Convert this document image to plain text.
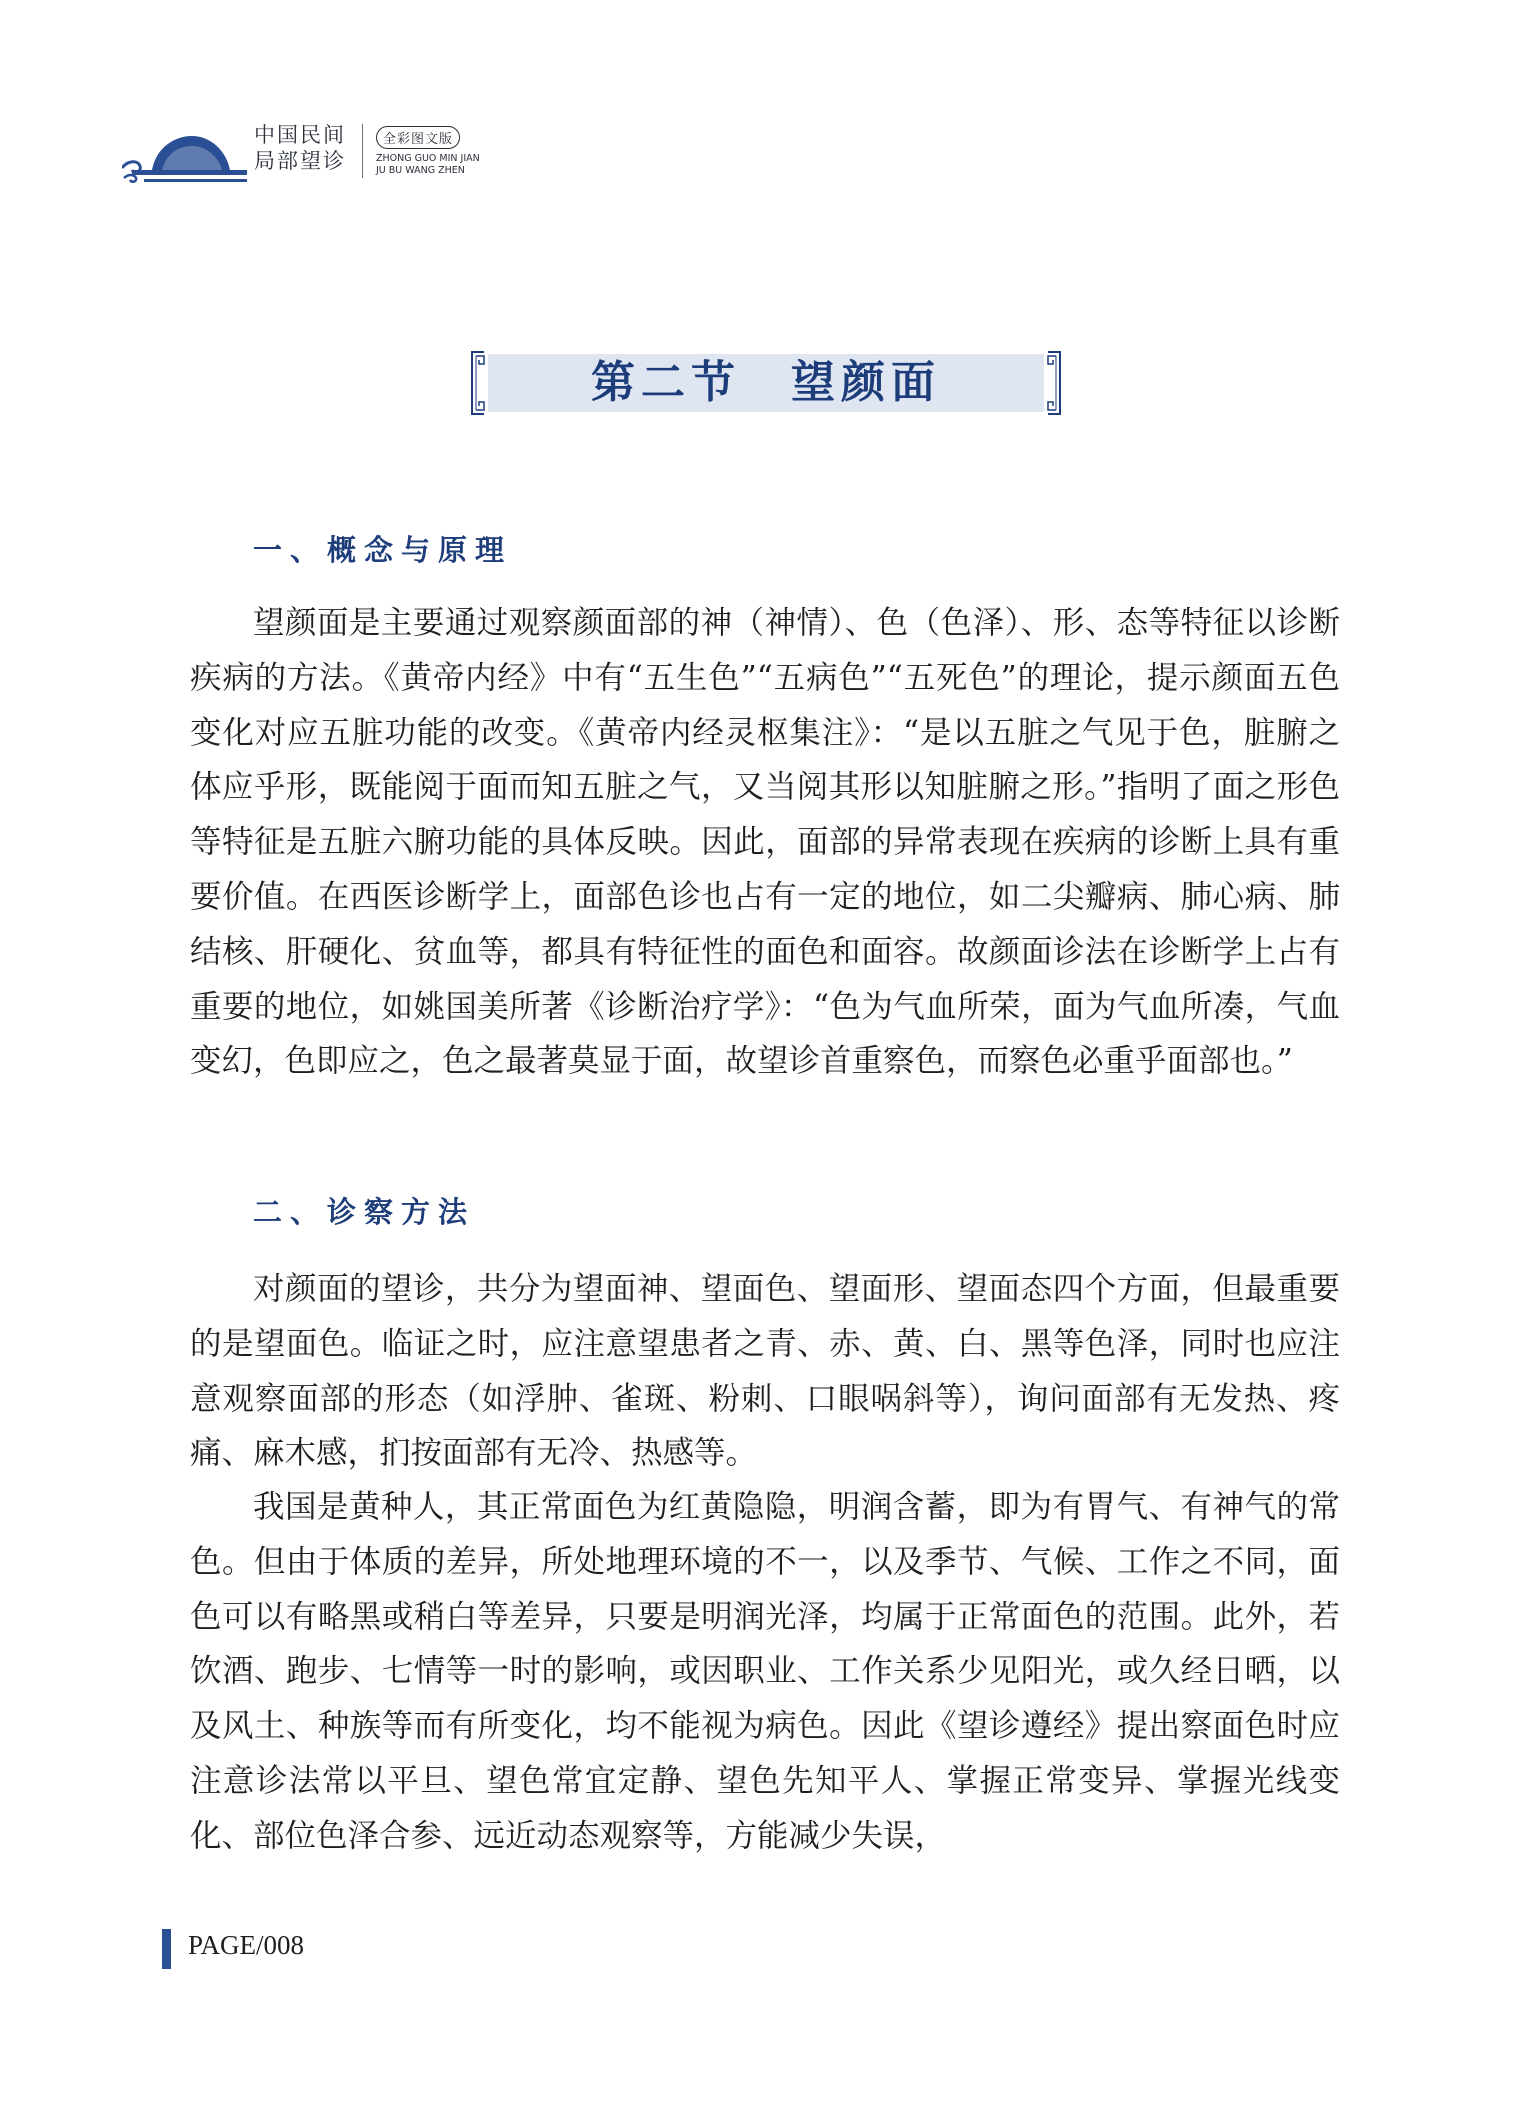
中国民间
局部望诊
全彩图文版
ZHONG GUO MIN JIAN
JU BU WANG ZHEN
第二节　望颜面
一、概念与原理

望颜面是主要通过观察颜面部的神（神情）、色（色泽）、形、态等特征以诊断疾病的方法。《黄帝内经》中有“五生色”“五病色”“五死色”的理论，提示颜面五色变化对应五脏功能的改变。《黄帝内经灵枢集注》：“是以五脏之气见于色，脏腑之体应乎形，既能阅于面而知五脏之气，又当阅其形以知脏腑之形。”指明了面之形色等特征是五脏六腑功能的具体反映。因此，面部的异常表现在疾病的诊断上具有重要价值。在西医诊断学上，面部色诊也占有一定的地位，如二尖瓣病、肺心病、肺结核、肝硬化、贫血等，都具有特征性的面色和面容。故颜面诊法在诊断学上占有重要的地位，如姚国美所著《诊断治疗学》：“色为气血所荣，面为气血所凑，气血变幻，色即应之，色之最著莫显于面，故望诊首重察色，而察色必重乎面部也。”

二、诊察方法

对颜面的望诊，共分为望面神、望面色、望面形、望面态四个方面，但最重要的是望面色。临证之时，应注意望患者之青、赤、黄、白、黑等色泽，同时也应注意观察面部的形态（如浮肿、雀斑、粉刺、口眼㖞斜等），询问面部有无发热、疼痛、麻木感，扪按面部有无冷、热感等。

我国是黄种人，其正常面色为红黄隐隐，明润含蓄，即为有胃气、有神气的常色。但由于体质的差异，所处地理环境的不一，以及季节、气候、工作之不同，面色可以有略黑或稍白等差异，只要是明润光泽，均属于正常面色的范围。此外，若饮酒、跑步、七情等一时的影响，或因职业、工作关系少见阳光，或久经日晒，以及风土、种族等而有所变化，均不能视为病色。因此《望诊遵经》提出察面色时应注意诊法常以平旦、望色常宜定静、望色先知平人、掌握正常变异、掌握光线变化、部位色泽合参、远近动态观察等，方能减少失误，

PAGE/008
